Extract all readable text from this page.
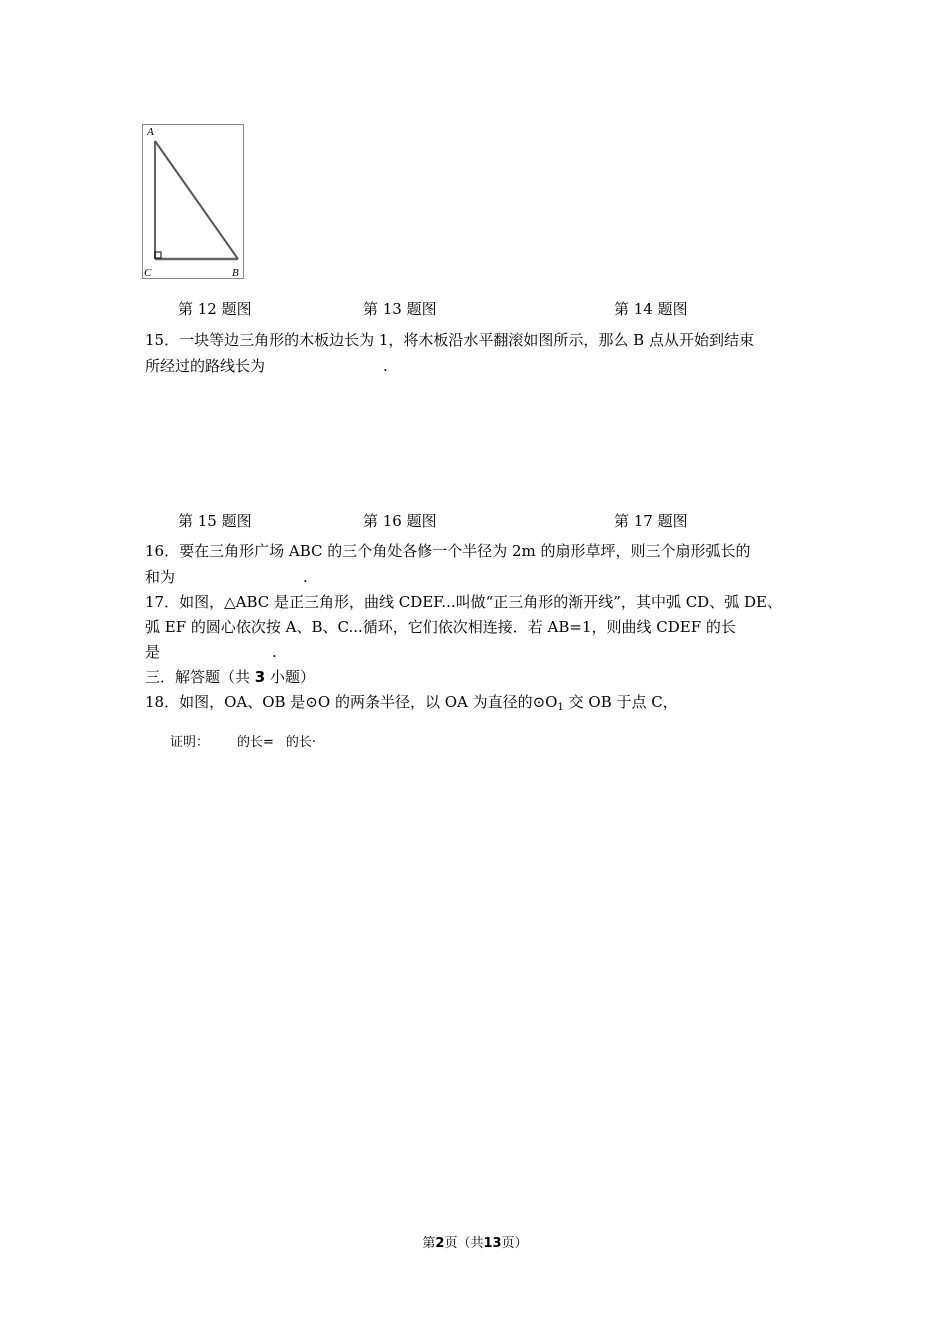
A
C	B
第 12 题图	第 13 题图	第 14 题图
15．一块等边三角形的木板边长为 1，将木板沿水平翻滚如图所示，那么 B 点从开始到结束
所经过的路线长为	.
第 15 题图	第 16 题图	第 17 题图
16．要在三角形广场 ABC 的三个角处各修一个半径为 2m 的扇形草坪，则三个扇形弧长的
和为	.
17．如图，△ABC 是正三角形，曲线 CDEF...叫做“正三角形的渐开线”，其中弧 CD、弧 DE、
弧 EF 的圆心依次按 A、B、C...循环，它们依次相连接．若 AB=1，则曲线 CDEF 的长
是	.
三．解答题（共 3 小题）
18．如图，OA、OB 是⊙O 的两条半径，以 OA 为直径的$⊙O_1$ 交 OB 于点 C，
证明： 的长= 的长·
第2页（共13页）
